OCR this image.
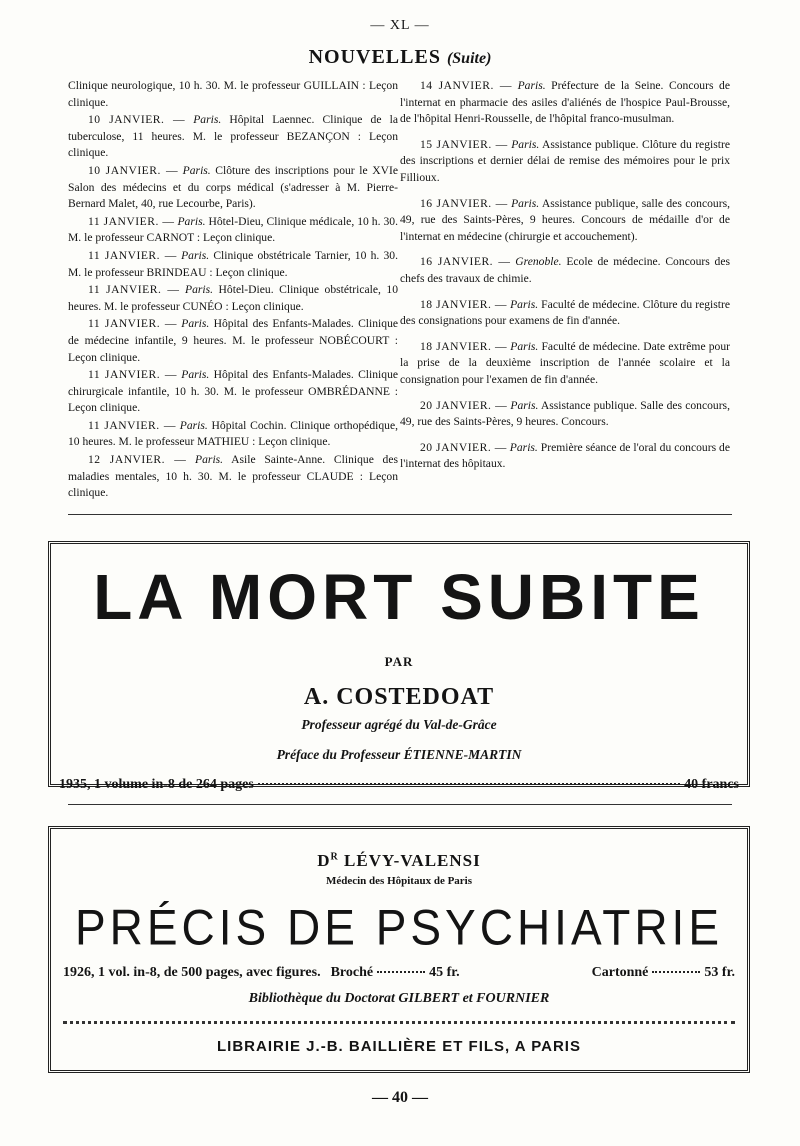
— XL —
NOUVELLES (Suite)

Clinique neurologique, 10 h. 30. M. le professeur GUILLAIN : Leçon clinique.

10 JANVIER. — Paris. Hôpital Laennec. Clinique de la tuberculose, 11 heures. M. le professeur BEZANÇON : Leçon clinique.

10 JANVIER. — Paris. Clôture des inscriptions pour le XVIe Salon des médecins et du corps médical (s'adresser à M. Pierre-Bernard Malet, 40, rue Lecourbe, Paris).

11 JANVIER. — Paris. Hôtel-Dieu, Clinique médicale, 10 h. 30. M. le professeur CARNOT : Leçon clinique.

11 JANVIER. — Paris. Clinique obstétricale Tarnier, 10 h. 30. M. le professeur BRINDEAU : Leçon clinique.

11 JANVIER. — Paris. Hôtel-Dieu. Clinique obstétricale, 10 heures. M. le professeur CUNÉO : Leçon clinique.

11 JANVIER. — Paris. Hôpital des Enfants-Malades. Clinique de médecine infantile, 9 heures. M. le professeur NOBÉCOURT : Leçon clinique.

11 JANVIER. — Paris. Hôpital des Enfants-Malades. Clinique chirurgicale infantile, 10 h. 30. M. le professeur OMBRÉDANNE : Leçon clinique.

11 JANVIER. — Paris. Hôpital Cochin. Clinique orthopédique, 10 heures. M. le professeur MATHIEU : Leçon clinique.

12 JANVIER. — Paris. Asile Sainte-Anne. Clinique des maladies mentales, 10 h. 30. M. le professeur CLAUDE : Leçon clinique.

14 JANVIER. — Paris. Préfecture de la Seine. Concours de l'internat en pharmacie des asiles d'aliénés de l'hospice Paul-Brousse, de l'hôpital Henri-Rousselle, de l'hôpital franco-musulman.

15 JANVIER. — Paris. Assistance publique. Clôture du registre des inscriptions et dernier délai de remise des mémoires pour le prix Fillioux.

16 JANVIER. — Paris. Assistance publique, salle des concours, 49, rue des Saints-Pères, 9 heures. Concours de médaille d'or de l'internat en médecine (chirurgie et accouchement).

16 JANVIER. — Grenoble. Ecole de médecine. Concours des chefs des travaux de chimie.

18 JANVIER. — Paris. Faculté de médecine. Clôture du registre des consignations pour examens de fin d'année.

18 JANVIER. — Paris. Faculté de médecine. Date extrême pour la prise de la deuxième inscription de l'année scolaire et la consignation pour l'examen de fin d'année.

20 JANVIER. — Paris. Assistance publique. Salle des concours, 49, rue des Saints-Pères, 9 heures. Concours.

20 JANVIER. — Paris. Première séance de l'oral du concours de l'internat des hôpitaux.

LA MORT SUBITE
PAR
A. COSTEDOAT
Professeur agrégé du Val-de-Grâce
Préface du Professeur ÉTIENNE-MARTIN
1935, 1 volume in-8 de 264 pages	40 francs
$D^R$ LÉVY-VALENSI
Médecin des Hôpitaux de Paris
PRÉCIS DE PSYCHIATRIE
1926, 1 vol. in-8, de 500 pages, avec figures. Broché	45 fr.	Cartonné	53 fr.
Bibliothèque du Doctorat GILBERT et FOURNIER
LIBRAIRIE J.-B. BAILLIÈRE ET FILS, A PARIS
— 40 —
